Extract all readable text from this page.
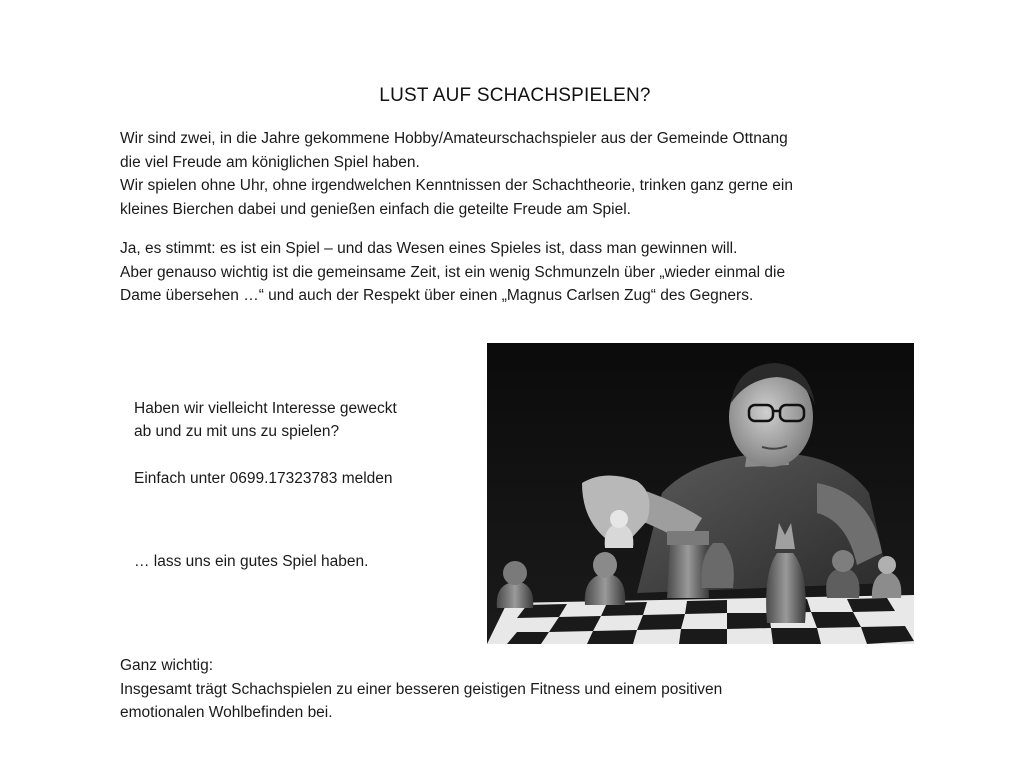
LUST AUF SCHACHSPIELEN?

Wir sind zwei, in die Jahre gekommene Hobby/Amateurschachspieler aus der Gemeinde Ottnang
die viel Freude am königlichen Spiel haben.
Wir spielen ohne Uhr, ohne irgendwelchen Kenntnissen der Schachtheorie, trinken ganz gerne ein
kleines Bierchen dabei und genießen einfach die geteilte Freude am Spiel.

Ja, es stimmt: es ist ein Spiel – und das Wesen eines Spieles ist, dass man gewinnen will.
Aber genauso wichtig ist die gemeinsame Zeit, ist ein wenig Schmunzeln über „wieder einmal die
Dame übersehen …“ und auch der Respekt über einen „Magnus Carlsen Zug“ des Gegners.

Haben wir vielleicht Interesse geweckt
ab und zu mit uns zu spielen?
Einfach unter 0699.17323783 melden
… lass uns ein gutes Spiel haben.

Ganz wichtig:
Insgesamt trägt Schachspielen zu einer besseren geistigen Fitness und einem positiven
emotionalen Wohlbefinden bei.
